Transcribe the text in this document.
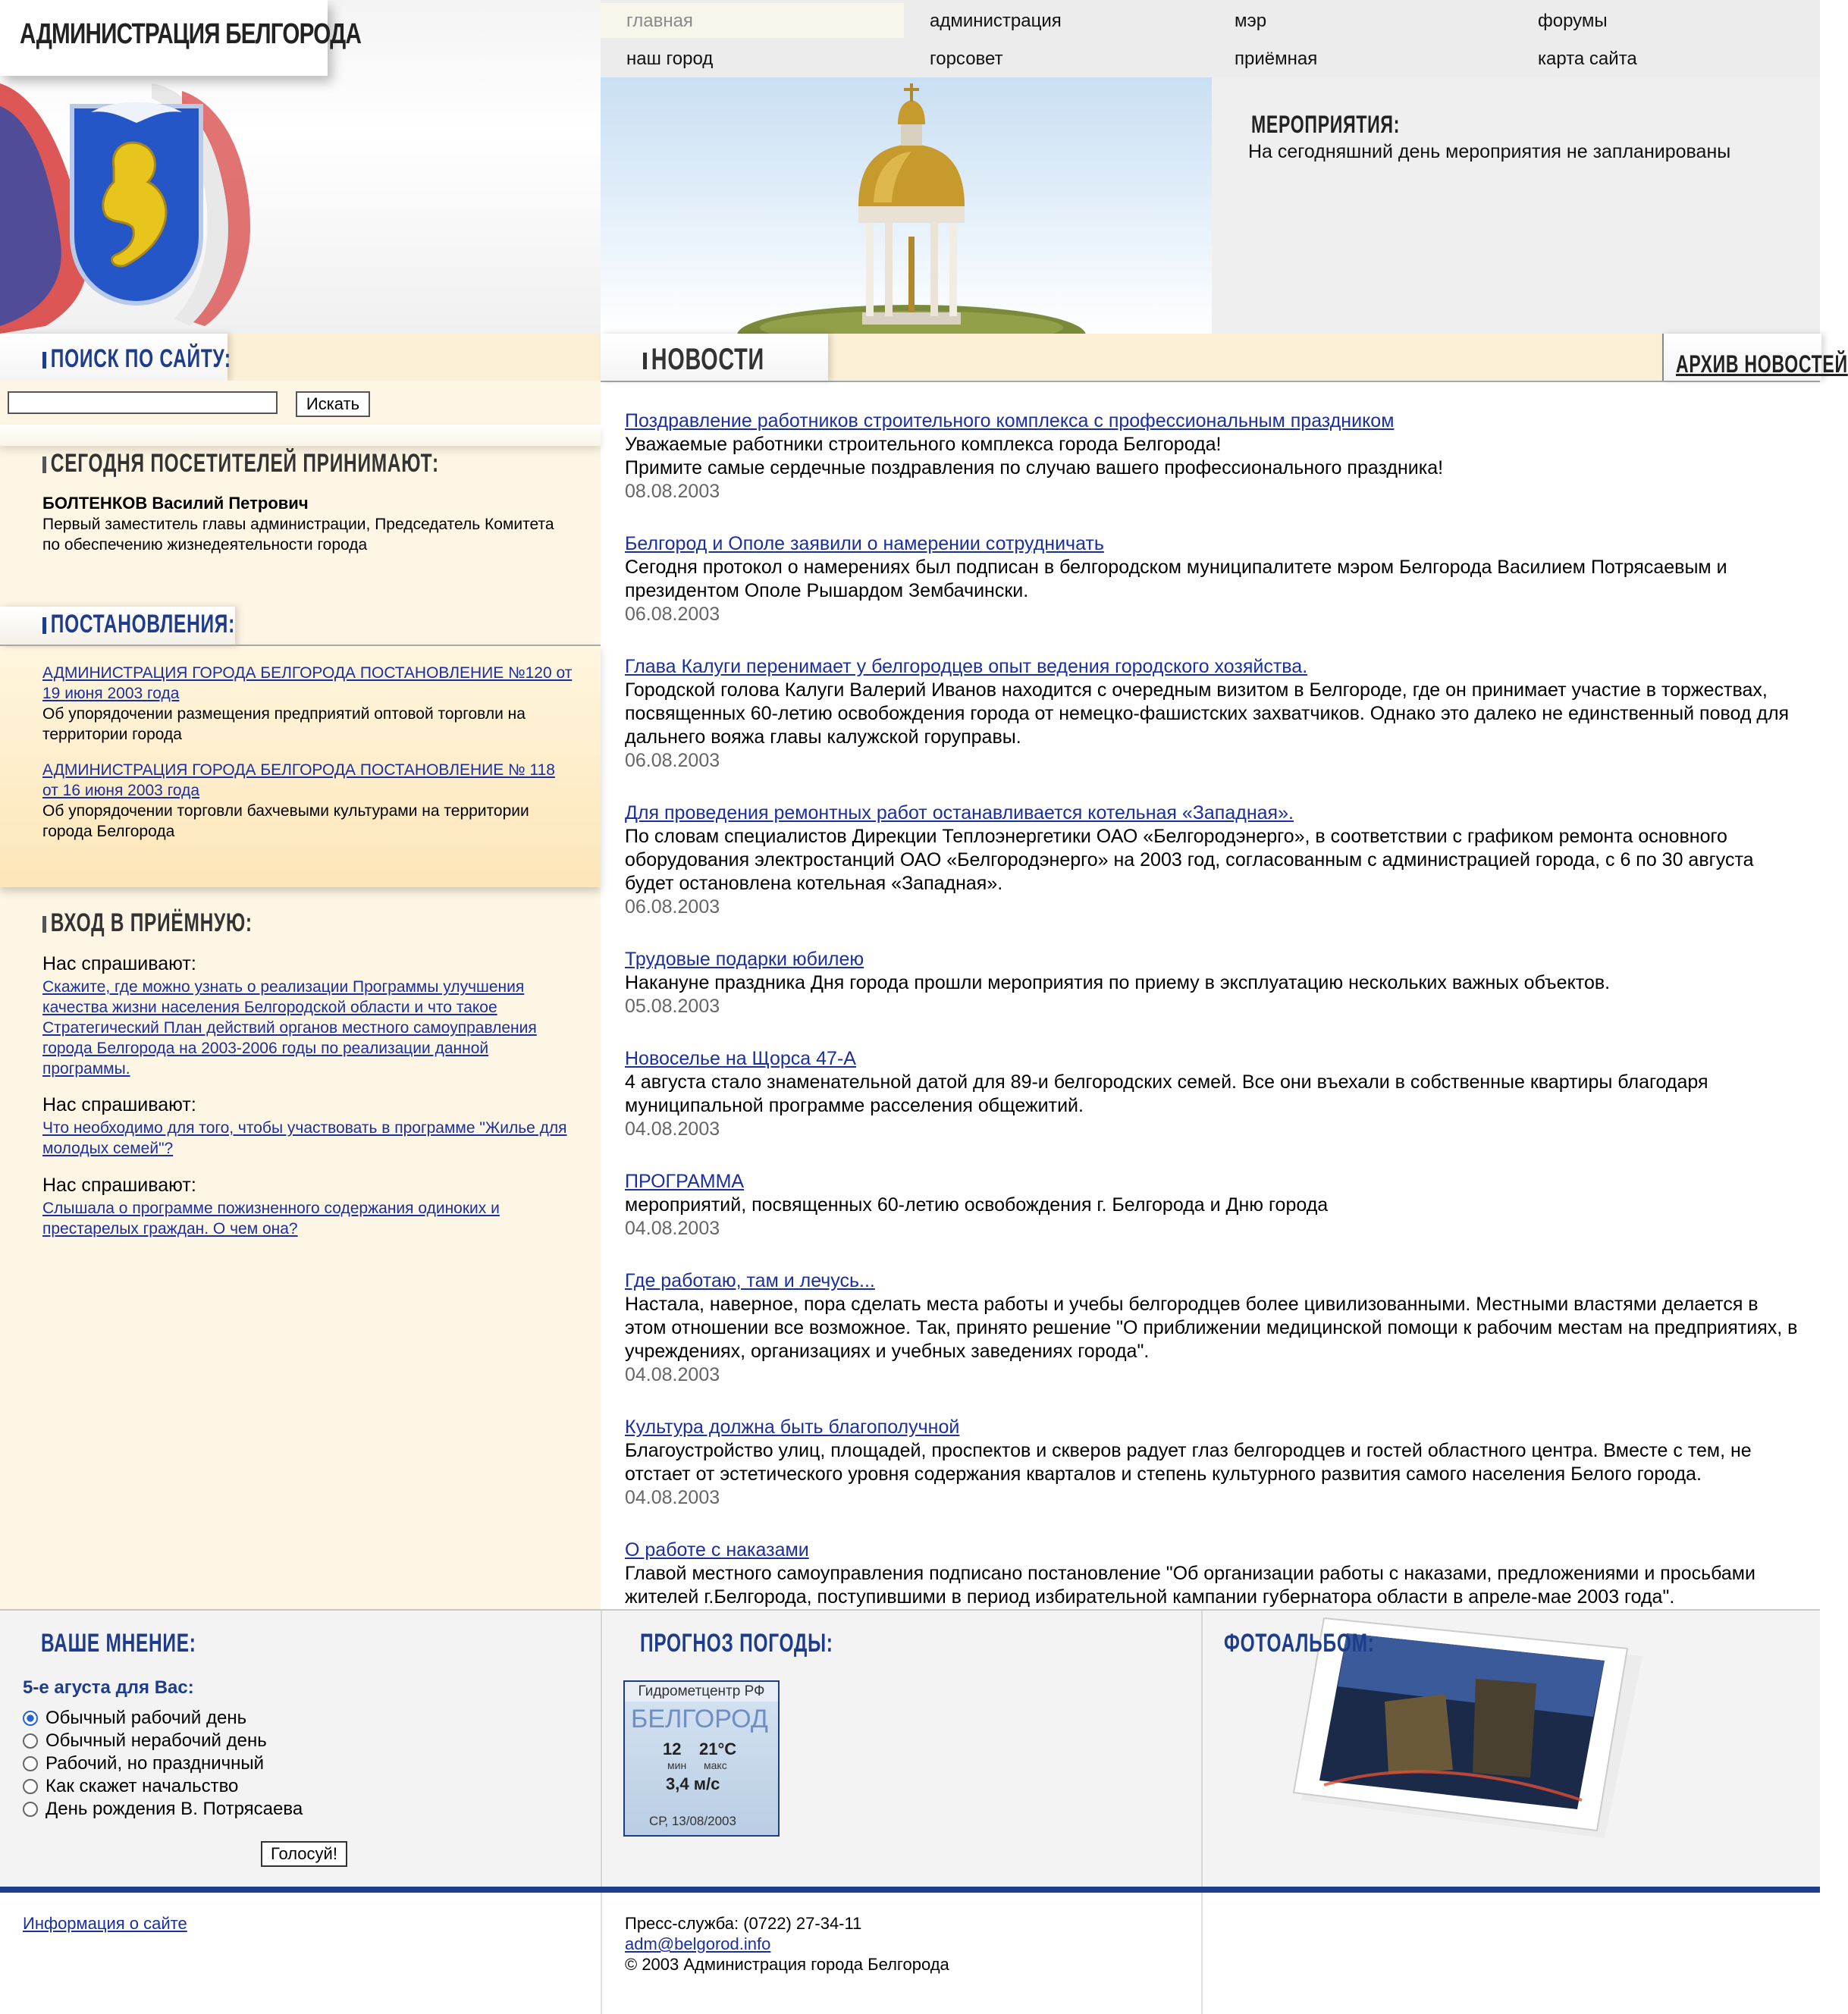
АДМИНИСТРАЦИЯ БЕЛГОРОДА	главная	администрация	мэр	форумы
наш город	горсовет	приёмная	карта сайта
МЕРОПРИЯТИЯ:
На сегодняшний день мероприятия не запланированы
ПОИСК ПО САЙТУ:	НОВОСТИ	АРХИВ НОВОСТЕЙ
Искать
СЕГОДНЯ ПОСЕТИТЕЛЕЙ ПРИНИМАЮТ:
БОЛТЕНКОВ Василий Петрович
Первый заместитель главы администрации, Председатель Комитета по обеспечению жизнедеятельности города
ПОСТАНОВЛЕНИЯ:
АДМИНИСТРАЦИЯ ГОРОДА БЕЛГОРОДА ПОСТАНОВЛЕНИЕ №120 от 19 июня 2003 года
Об упорядочении размещения предприятий оптовой торговли на территории города
АДМИНИСТРАЦИЯ ГОРОДА БЕЛГОРОДА ПОСТАНОВЛЕНИЕ № 118 от 16 июня 2003 года
Об упорядочении торговли бахчевыми культурами на территории города Белгорода
ВХОД В ПРИЁМНУЮ:
Нас спрашивают:
Скажите, где можно узнать о реализации Программы улучшения качества жизни населения Белгородской области и что такое Стратегический План действий органов местного самоуправления города Белгорода на 2003-2006 годы по реализации данной программы.
Нас спрашивают:
Что необходимо для того, чтобы участвовать в программе "Жилье для молодых семей"?
Нас спрашивают:
Слышала о программе пожизненного содержания одиноких и престарелых граждан. О чем она?
Поздравление работников строительного комплекса с профессиональным праздником
Уважаемые работники строительного комплекса города Белгорода!
Примите самые сердечные поздравления по случаю вашего профессионального праздника!
08.08.2003
Белгород и Ополе заявили о намерении сотрудничать
Сегодня протокол о намерениях был подписан в белгородском муниципалитете мэром Белгорода Василием Потрясаевым и президентом Ополе Рышардом Зембачински.
06.08.2003
Глава Калуги перенимает у белгородцев опыт ведения городского хозяйства.
Городской голова Калуги Валерий Иванов находится с очередным визитом в Белгороде, где он принимает участие в торжествах, посвященных 60-летию освобождения города от немецко-фашистских захватчиков. Однако это далеко не единственный повод для дальнего вояжа главы калужской горуправы.
06.08.2003
Для проведения ремонтных работ останавливается котельная «Западная».
По словам специалистов Дирекции Теплоэнергетики ОАО «Белгородэнерго», в соответствии с графиком ремонта основного оборудования электростанций ОАО «Белгородэнерго» на 2003 год, согласованным с администрацией города, с 6 по 30 августа будет остановлена котельная «Западная».
06.08.2003
Трудовые подарки юбилею
Накануне праздника Дня города прошли мероприятия по приему в эксплуатацию нескольких важных объектов.
05.08.2003
Новоселье на Щорса 47-А
4 августа стало знаменательной датой для 89-и белгородских семей. Все они въехали в собственные квартиры благодаря муниципальной программе расселения общежитий.
04.08.2003
ПРОГРАММА
мероприятий, посвященных 60-летию освобождения г. Белгорода и Дню города
04.08.2003
Где работаю, там и лечусь...
Настала, наверное, пора сделать места работы и учебы белгородцев более цивилизованными. Местными властями делается в этом отношении все возможное. Так, принято решение "О приближении медицинской помощи к рабочим местам на предприятиях, в учреждениях, организациях и учебных заведениях города".
04.08.2003
Культура должна быть благополучной
Благоустройство улиц, площадей, проспектов и скверов радует глаз белгородцев и гостей областного центра. Вместе с тем, не отстает от эстетического уровня содержания кварталов и степень культурного развития самого населения Белого города.
04.08.2003
О работе с наказами
Главой местного самоуправления подписано постановление "Об организации работы с наказами, предложениями и просьбами жителей г.Белгорода, поступившими в период избирательной кампании губернатора области в апреле-мае 2003 года".
ВАШЕ МНЕНИЕ:
5-е агуста для Вас:
Обычный рабочий день
Обычный нерабочий день
Рабочий, но праздничный
Как скажет начальство
День рождения В. Потрясаева
Голосуй!
ПРОГНОЗ ПОГОДЫ:
Гидрометцентр РФ
БЕЛГОРОД
12 21°C
мин макс
3,4 м/с
СР, 13/08/2003
ФОТОАЛЬБОМ:
Информация о сайте	Пресс-служба: (0722) 27-34-11
adm@belgorod.info
© 2003 Администрация города Белгорода
